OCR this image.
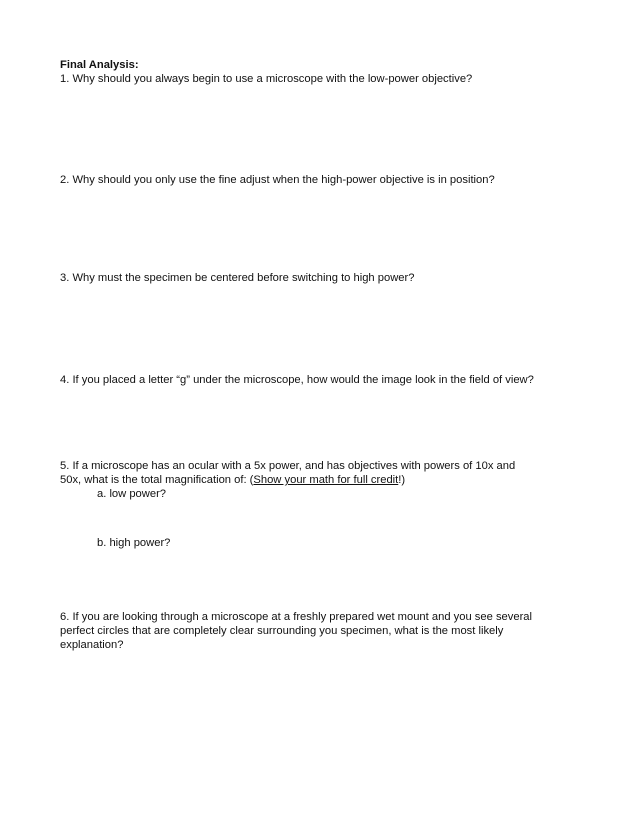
Final Analysis:
1. Why should you always begin to use a microscope with the low-power objective?
2. Why should you only use the fine adjust when the high-power objective is in position?
3. Why must the specimen be centered before switching to high power?
4. If you placed a letter “g” under the microscope, how would the image look in the field of view?
5. If a microscope has an ocular with a 5x power, and has objectives with powers of 10x and
50x, what is the total magnification of: (Show your math for full credit!)
a. low power?
b. high power?
6. If you are looking through a microscope at a freshly prepared wet mount and you see several
perfect circles that are completely clear surrounding you specimen, what is the most likely
explanation?
